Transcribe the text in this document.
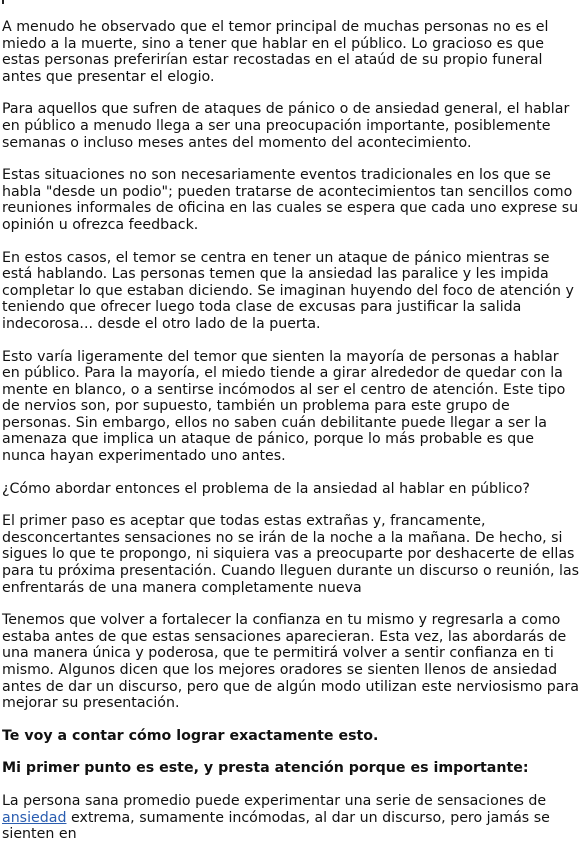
A menudo he observado que el temor principal de muchas personas no es el miedo a la muerte, sino a tener que hablar en el público. Lo gracioso es que estas personas preferirían estar recostadas en el ataúd de su propio funeral antes que presentar el elogio.

Para aquellos que sufren de ataques de pánico o de ansiedad general, el hablar en público a menudo llega a ser una preocupación importante, posiblemente semanas o incluso meses antes del momento del acontecimiento.

Estas situaciones no son necesariamente eventos tradicionales en los que se habla "desde un podio"; pueden tratarse de acontecimientos tan sencillos como reuniones informales de oficina en las cuales se espera que cada uno exprese su opinión u ofrezca feedback.

En estos casos, el temor se centra en tener un ataque de pánico mientras se está hablando. Las personas temen que la ansiedad las paralice y les impida completar lo que estaban diciendo. Se imaginan huyendo del foco de atención y teniendo que ofrecer luego toda clase de excusas para justificar la salida indecorosa... desde el otro lado de la puerta.

Esto varía ligeramente del temor que sienten la mayoría de personas a hablar en público. Para la mayoría, el miedo tiende a girar alrededor de quedar con la mente en blanco, o a sentirse incómodos al ser el centro de atención. Este tipo de nervios son, por supuesto, también un problema para este grupo de personas. Sin embargo, ellos no saben cuán debilitante puede llegar a ser la amenaza que implica un ataque de pánico, porque lo más probable es que nunca hayan experimentado uno antes.

¿Cómo abordar entonces el problema de la ansiedad al hablar en público?

El primer paso es aceptar que todas estas extrañas y, francamente, desconcertantes sensaciones no se irán de la noche a la mañana. De hecho, si sigues lo que te propongo, ni siquiera vas a preocuparte por deshacerte de ellas para tu próxima presentación. Cuando lleguen durante un discurso o reunión, las enfrentarás de una manera completamente nueva

Tenemos que volver a fortalecer la confianza en tu mismo y regresarla a como estaba antes de que estas sensaciones aparecieran. Esta vez, las abordarás de una manera única y poderosa, que te permitirá volver a sentir confianza en ti mismo. Algunos dicen que los mejores oradores se sienten llenos de ansiedad antes de dar un discurso, pero que de algún modo utilizan este nerviosismo para mejorar su presentación.

Te voy a contar cómo lograr exactamente esto.

Mi primer punto es este, y presta atención porque es importante:

La persona sana promedio puede experimentar una serie de sensaciones de ansiedad extrema, sumamente incómodas, al dar un discurso, pero jamás se sienten en
